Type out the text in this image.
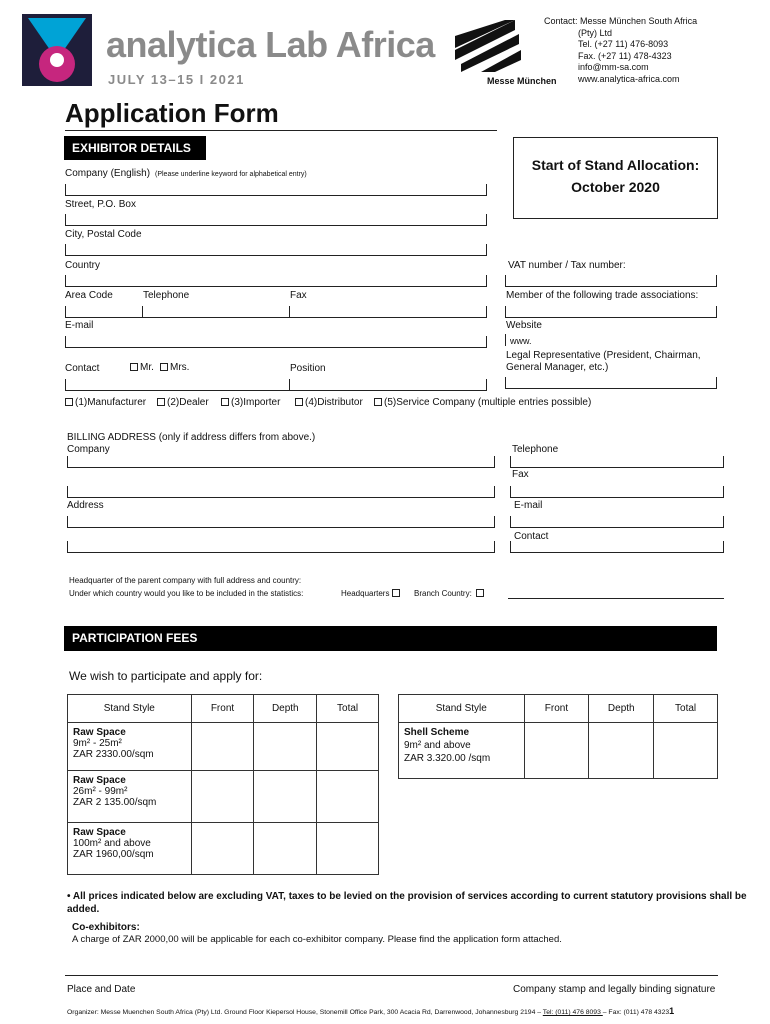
analytica Lab Africa
JULY 13–15 I 2021	Messe München
Contact: Messe München South Africa
(Pty) Ltd
Tel. (+27 11) 476-8093
Fax. (+27 11) 478-4323
info@mm-sa.com
www.analytica-africa.com
Application Form
EXHIBITOR DETAILS
Start of Stand Allocation:
October 2020
Company (English) (Please underline keyword for alphabetical entry)
Street, P.O. Box
City, Postal Code
Country	VAT number / Tax number:
Area Code	Telephone	Fax	Member of the following trade associations:
E-mail	Website
www.
Contact	Mr.	Mrs.	Position
Legal Representative (President, Chairman,
General Manager, etc.)
(1)Manufacturer	(2)Dealer	(3)Importer	(4)Distributor	(5)Service Company (multiple entries possible)
BILLING ADDRESS (only if address differs from above.)
Company
Address
Telephone
Fax
E-mail
Contact
Headquarter of the parent company with full address and country:
Under which country would you like to be included in the statistics:	Headquarters	Branch Country:
PARTICIPATION FEES
We wish to participate and apply for:
Stand Style	Front	Depth	Total

Raw Space
9m² - 25m²
ZAR 2330.00/sqm			

Raw Space
26m² - 99m²
ZAR 2 135.00/sqm			

Raw Space
100m² and above
ZAR 1960,00/sqm			

Stand Style	Front	Depth	Total

Shell Scheme
9m² and above
ZAR 3.320.00 /sqm			

• All prices indicated below are excluding VAT, taxes to be levied on the provision of services according to current statutory provisions shall be added.
Co-exhibitors:
A charge of ZAR 2000,00 will be applicable for each co-exhibitor company. Please find the application form attached.
Place and Date	Company stamp and legally binding signature
Organizer: Messe Muenchen South Africa (Pty) Ltd. Ground Floor Kiepersol House, Stonemill Office Park, 300 Acacia Rd, Darrenwood, Johannesburg 2194 – Tel: (011) 476 8093 – Fax: (011) 478 43231
